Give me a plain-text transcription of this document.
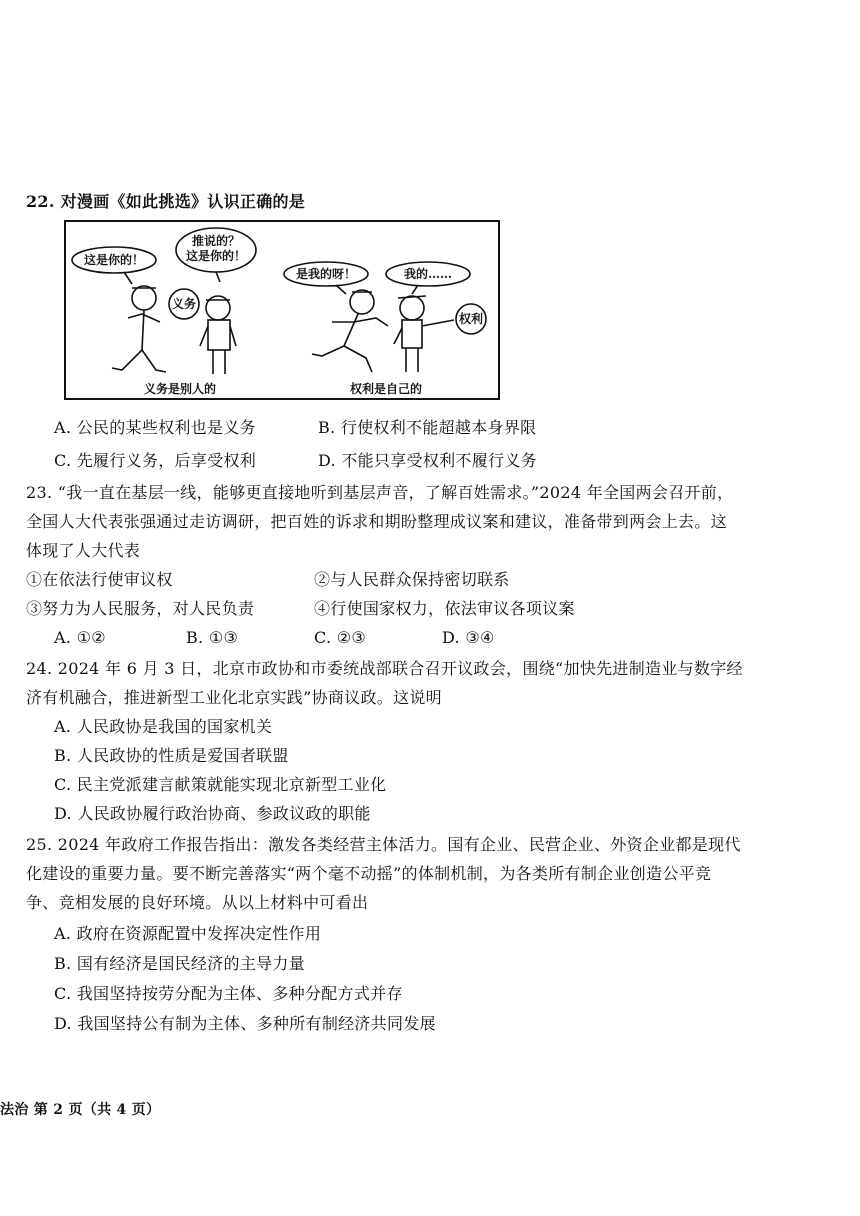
22. 对漫画《如此挑选》认识正确的是
这是你的！
推说的？
这是你的！
义务
是我的呀！	我的……
权利
义务是别人的	权利是自己的
A. 公民的某些权利也是义务	B. 行使权利不能超越本身界限
C. 先履行义务，后享受权利	D. 不能只享受权利不履行义务
23. “我一直在基层一线，能够更直接地听到基层声音，了解百姓需求。”2024 年全国两会召开前，
全国人大代表张强通过走访调研，把百姓的诉求和期盼整理成议案和建议，准备带到两会上去。这
体现了人大代表
①在依法行使审议权	②与人民群众保持密切联系
③努力为人民服务，对人民负责	④行使国家权力，依法审议各项议案
A. ①②	B. ①③	C. ②③	D. ③④
24. 2024 年 6 月 3 日，北京市政协和市委统战部联合召开议政会，围绕“加快先进制造业与数字经
济有机融合，推进新型工业化北京实践”协商议政。这说明
A. 人民政协是我国的国家机关
B. 人民政协的性质是爱国者联盟
C. 民主党派建言献策就能实现北京新型工业化
D. 人民政协履行政治协商、参政议政的职能
25. 2024 年政府工作报告指出：激发各类经营主体活力。国有企业、民营企业、外资企业都是现代
化建设的重要力量。要不断完善落实“两个毫不动摇”的体制机制，为各类所有制企业创造公平竞
争、竞相发展的良好环境。从以上材料中可看出
A. 政府在资源配置中发挥决定性作用
B. 国有经济是国民经济的主导力量
C. 我国坚持按劳分配为主体、多种分配方式并存
D. 我国坚持公有制为主体、多种所有制经济共同发展
法治 第 2 页（共 4 页）
